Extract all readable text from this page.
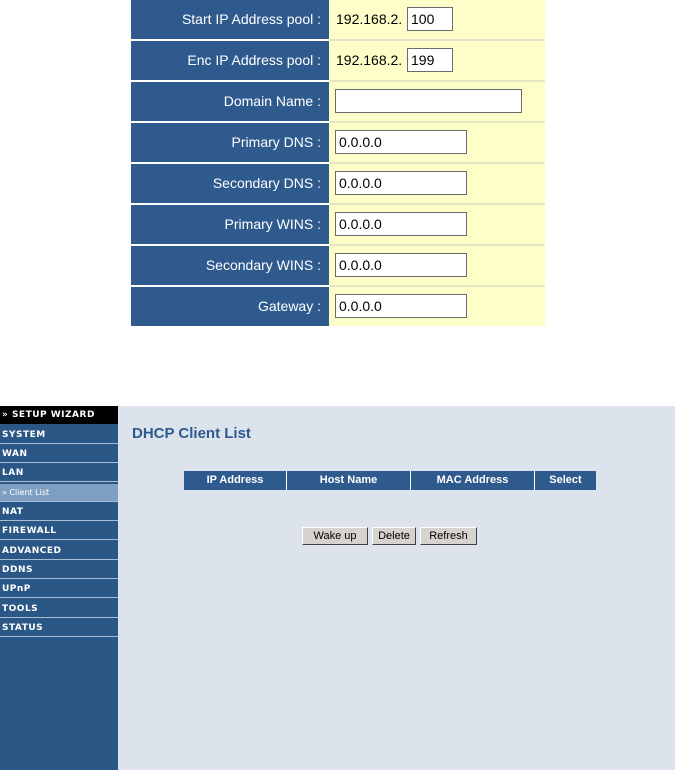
Start IP Address pool :	192.168.2. 100
Enc IP Address pool :	192.168.2. 199
Domain Name :
Primary DNS :	0.0.0.0
Secondary DNS :	0.0.0.0
Primary WINS :	0.0.0.0
Secondary WINS :	0.0.0.0
Gateway :	0.0.0.0
» SETUP WIZARD
SYSTEM
WAN
LAN
» Client List
NAT
FIREWALL
ADVANCED
DDNS
UPnP
TOOLS
STATUS
DHCP Client List
IP Address	Host Name	MAC Address	Select
Wake up	Delete	Refresh
